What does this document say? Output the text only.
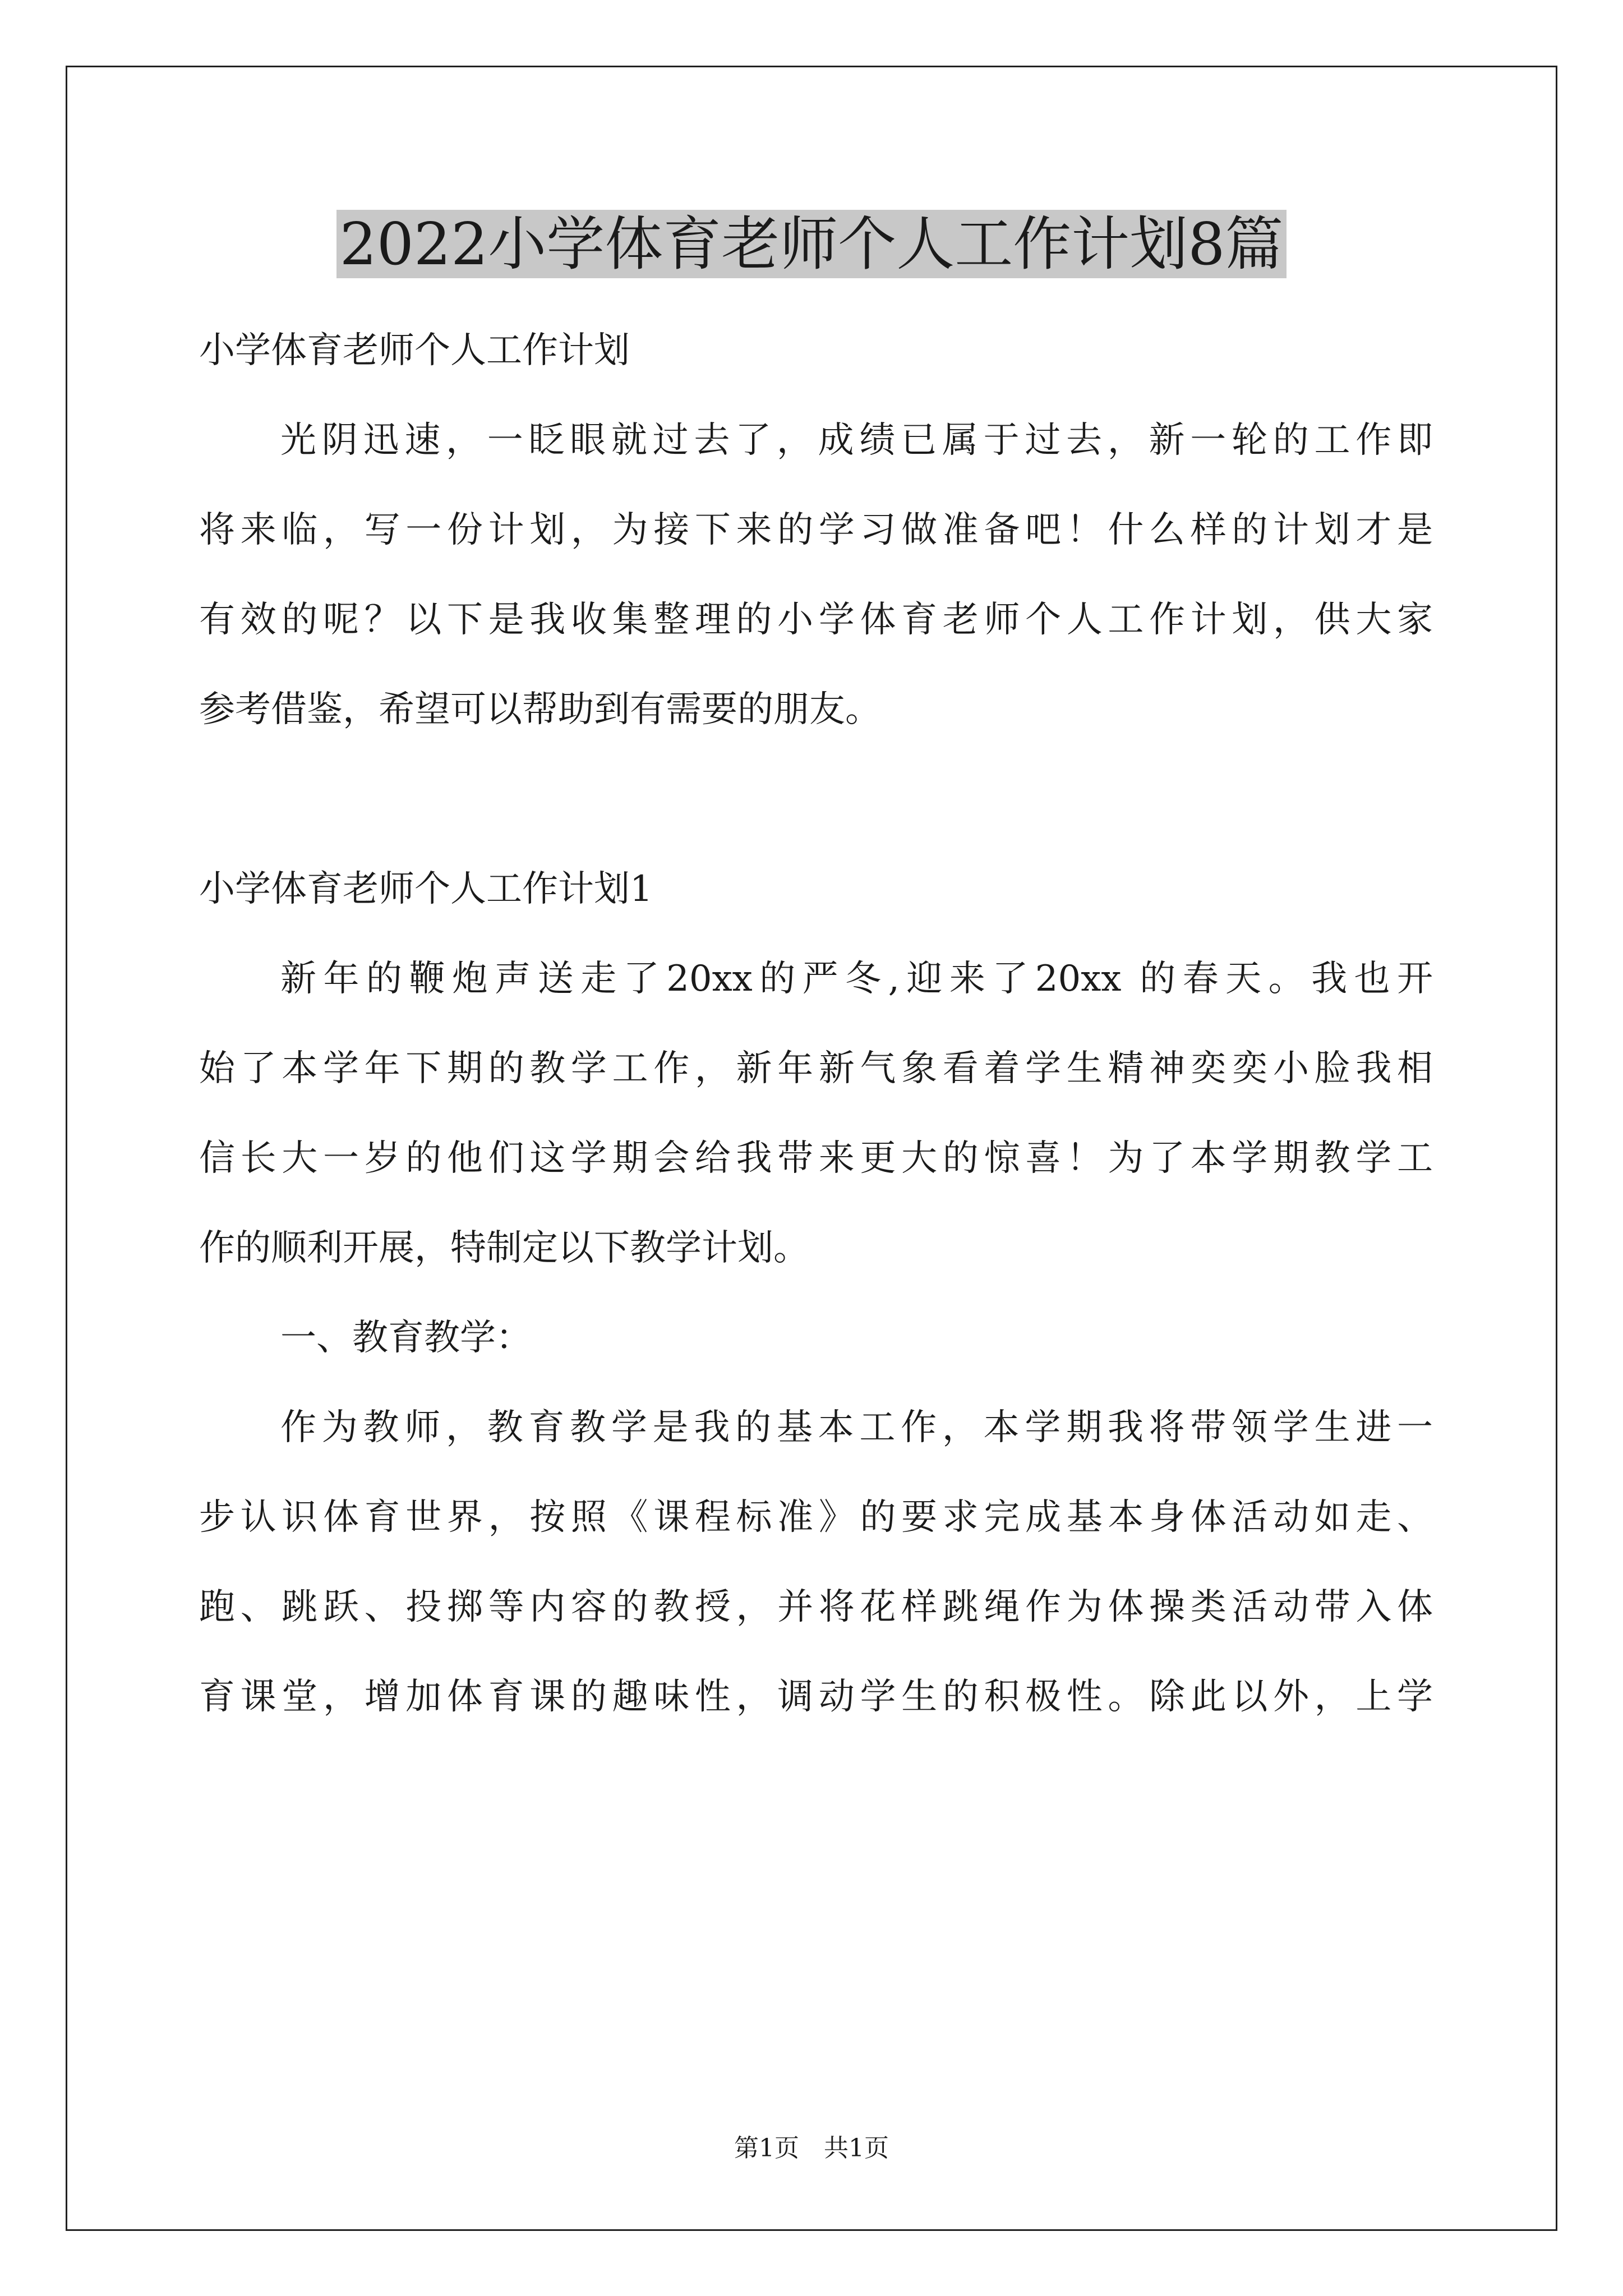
2022小学体育老师个人工作计划8篇
小学体育老师个人工作计划
光阴迅速，一眨眼就过去了，成绩已属于过去，新一轮的工作即
将来临，写一份计划，为接下来的学习做准备吧！什么样的计划才是
有效的呢？以下是我收集整理的小学体育老师个人工作计划，供大家
参考借鉴，希望可以帮助到有需要的朋友。
小学体育老师个人工作计划1
新年的鞭炮声送走了20xx的严冬,迎来了20xx 的春天。我也开
始了本学年下期的教学工作，新年新气象看着学生精神奕奕小脸我相
信长大一岁的他们这学期会给我带来更大的惊喜！为了本学期教学工
作的顺利开展，特制定以下教学计划。
一、教育教学：
作为教师，教育教学是我的基本工作，本学期我将带领学生进一
步认识体育世界，按照《课程标准》的要求完成基本身体活动如走、
跑、跳跃、投掷等内容的教授，并将花样跳绳作为体操类活动带入体
育课堂，增加体育课的趣味性，调动学生的积极性。除此以外，上学
第1页　共1页
